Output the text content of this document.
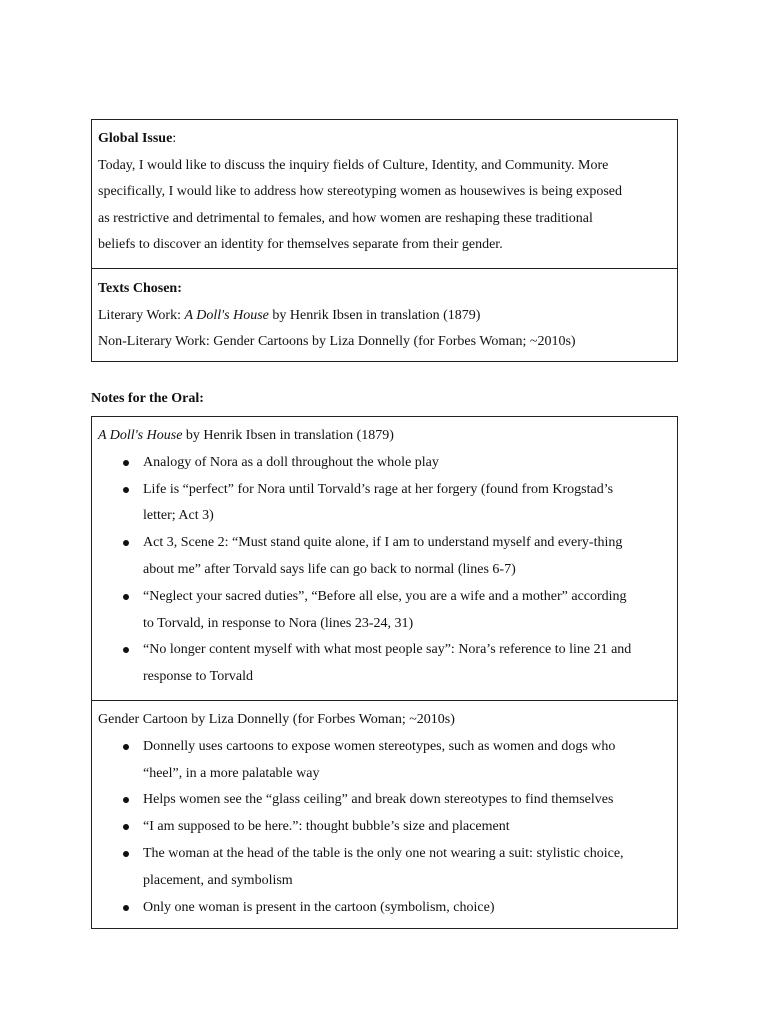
Global Issue:
Today, I would like to discuss the inquiry fields of Culture, Identity, and Community. More
specifically, I would like to address how stereotyping women as housewives is being exposed
as restrictive and detrimental to females, and how women are reshaping these traditional
beliefs to discover an identity for themselves separate from their gender.
Texts Chosen:
Literary Work: A Doll's House by Henrik Ibsen in translation (1879)
Non-Literary Work: Gender Cartoons by Liza Donnelly (for Forbes Woman; ~2010s)
Notes for the Oral:
A Doll's House by Henrik Ibsen in translation (1879)
Analogy of Nora as a doll throughout the whole play
Life is “perfect” for Nora until Torvald’s rage at her forgery (found from Krogstad’s
letter; Act 3)
Act 3, Scene 2: “Must stand quite alone, if I am to understand myself and every-thing
about me” after Torvald says life can go back to normal (lines 6-7)
“Neglect your sacred duties”, “Before all else, you are a wife and a mother” according
to Torvald, in response to Nora (lines 23-24, 31)
“No longer content myself with what most people say”: Nora’s reference to line 21 and
response to Torvald
Gender Cartoon by Liza Donnelly (for Forbes Woman; ~2010s)
Donnelly uses cartoons to expose women stereotypes, such as women and dogs who
“heel”, in a more palatable way
Helps women see the “glass ceiling” and break down stereotypes to find themselves
“I am supposed to be here.”: thought bubble’s size and placement
The woman at the head of the table is the only one not wearing a suit: stylistic choice,
placement, and symbolism
Only one woman is present in the cartoon (symbolism, choice)
